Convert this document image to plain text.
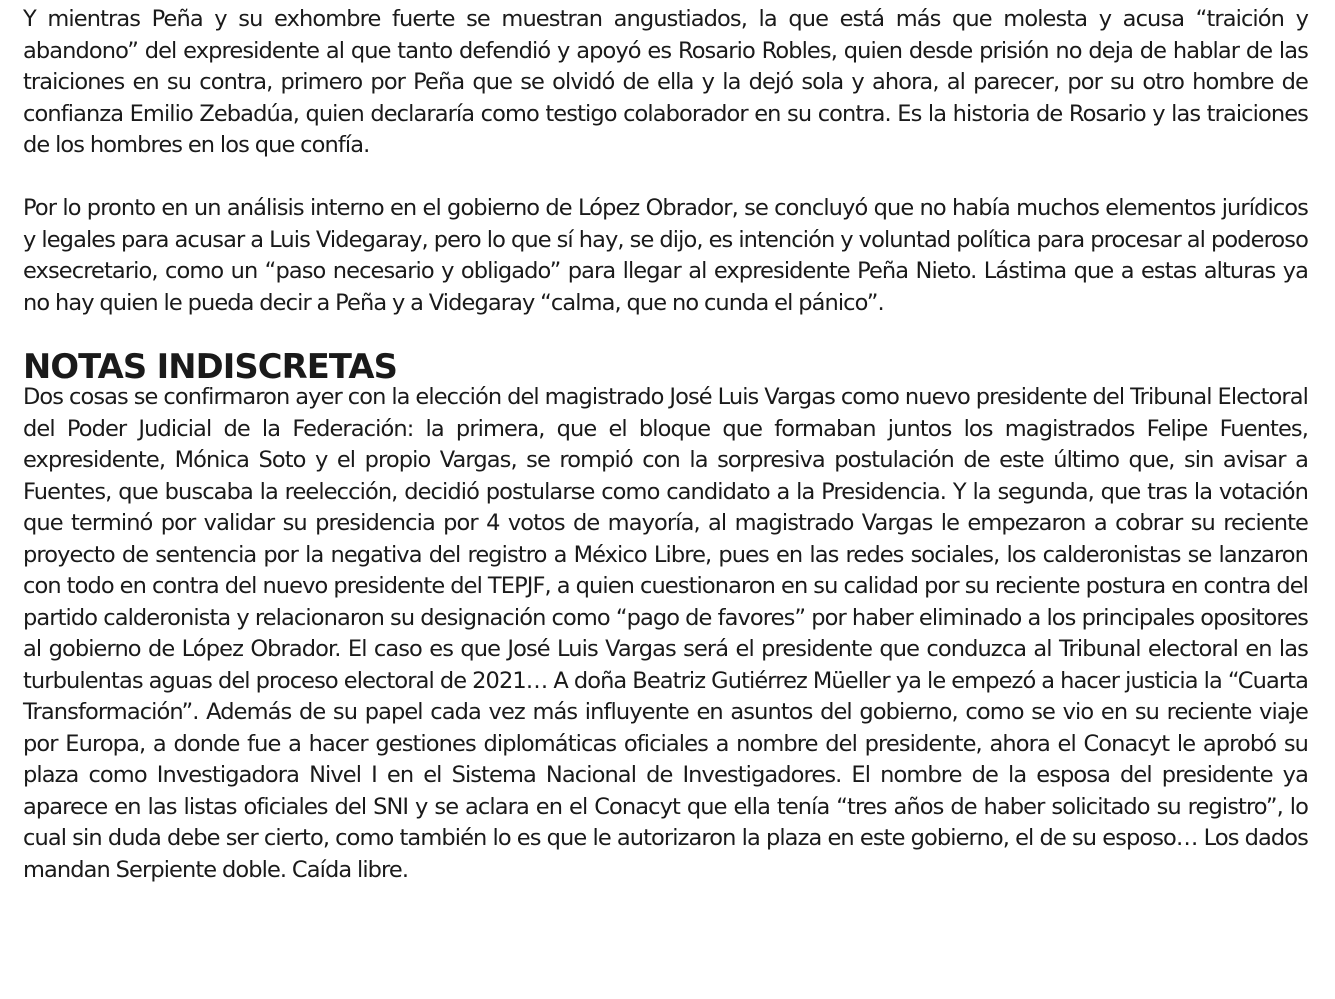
Y mientras Peña y su exhombre fuerte se muestran angustiados, la que está más que molesta y acusa “traición y abandono” del expresidente al que tanto defendió y apoyó es Rosario Robles, quien desde prisión no deja de hablar de las traiciones en su contra, primero por Peña que se olvidó de ella y la dejó sola y ahora, al parecer, por su otro hombre de confianza Emilio Zebadúa, quien declararía como testigo colaborador en su contra. Es la historia de Rosario y las traiciones de los hombres en los que confía.

Por lo pronto en un análisis interno en el gobierno de López Obrador, se concluyó que no había muchos elementos jurídicos y legales para acusar a Luis Videgaray, pero lo que sí hay, se dijo, es intención y voluntad política para procesar al poderoso exsecretario, como un “paso necesario y obligado” para llegar al expresidente Peña Nieto. Lástima que a estas alturas ya no hay quien le pueda decir a Peña y a Videgaray “calma, que no cunda el pánico”.

NOTAS INDISCRETAS

Dos cosas se confirmaron ayer con la elección del magistrado José Luis Vargas como nuevo presidente del Tribunal Electoral del Poder Judicial de la Federación: la primera, que el bloque que formaban juntos los magistrados Felipe Fuentes, expresidente, Mónica Soto y el propio Vargas, se rompió con la sorpresiva postulación de este último que, sin avisar a Fuentes, que buscaba la reelección, decidió postularse como candidato a la Presidencia. Y la segunda, que tras la votación que terminó por validar su presidencia por 4 votos de mayoría, al magistrado Vargas le empezaron a cobrar su reciente proyecto de sentencia por la negativa del registro a México Libre, pues en las redes sociales, los calderonistas se lanzaron con todo en contra del nuevo presidente del TEPJF, a quien cuestionaron en su calidad por su reciente postura en contra del partido calderonista y relacionaron su designación como “pago de favores” por haber eliminado a los principales opositores al gobierno de López Obrador. El caso es que José Luis Vargas será el presidente que conduzca al Tribunal electoral en las turbulentas aguas del proceso electoral de 2021… A doña Beatriz Gutiérrez Müeller ya le empezó a hacer justicia la “Cuarta Transformación”. Además de su papel cada vez más influyente en asuntos del gobierno, como se vio en su reciente viaje por Europa, a donde fue a hacer gestiones diplomáticas oficiales a nombre del presidente, ahora el Conacyt le aprobó su plaza como Investigadora Nivel I en el Sistema Nacional de Investigadores. El nombre de la esposa del presidente ya aparece en las listas oficiales del SNI y se aclara en el Conacyt que ella tenía “tres años de haber solicitado su registro”, lo cual sin duda debe ser cierto, como también lo es que le autorizaron la plaza en este gobierno, el de su esposo… Los dados mandan Serpiente doble. Caída libre.
